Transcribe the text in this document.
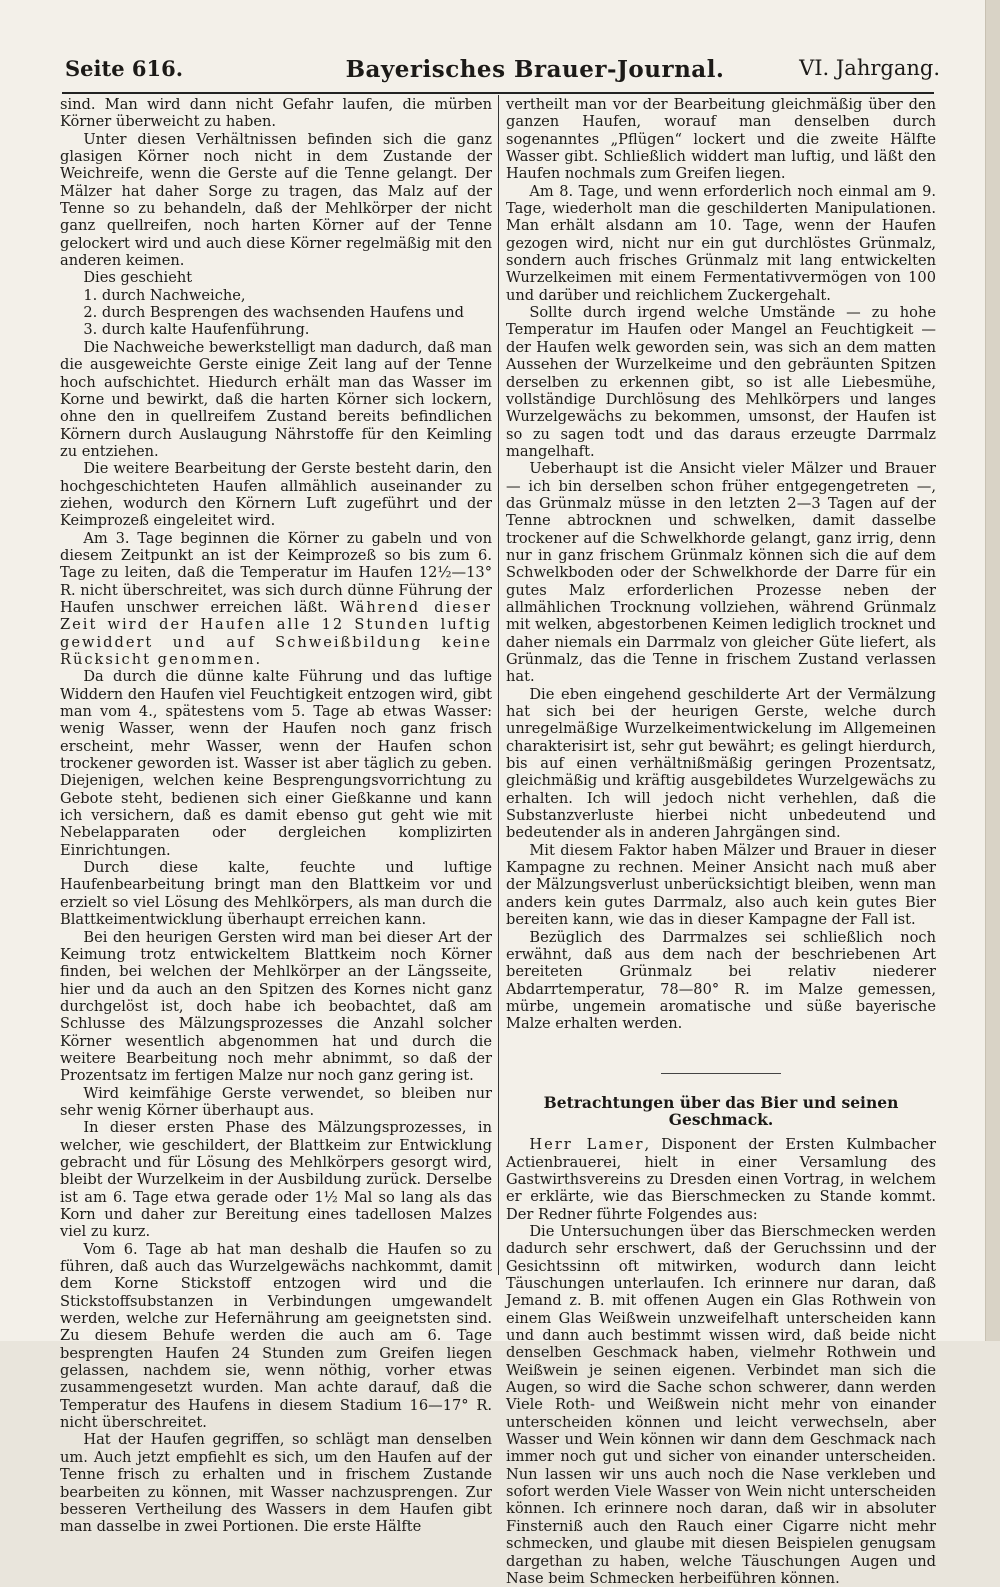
Seite 616.	Bayerisches Brauer-Journal.	VI. Jahrgang.

sind. Man wird dann nicht Gefahr laufen, die mürben Körner überweicht zu haben.

Unter diesen Verhältnissen befinden sich die ganz glasigen Körner noch nicht in dem Zustande der Weichreife, wenn die Gerste auf die Tenne gelangt. Der Mälzer hat daher Sorge zu tragen, das Malz auf der Tenne so zu behandeln, daß der Mehlkörper der nicht ganz quellreifen, noch harten Körner auf der Tenne gelockert wird und auch diese Körner regelmäßig mit den anderen keimen.

Dies geschieht

1. durch Nachweiche,

2. durch Besprengen des wachsenden Haufens und

3. durch kalte Haufenführung.

Die Nachweiche bewerkstelligt man dadurch, daß man die ausgeweichte Gerste einige Zeit lang auf der Tenne hoch aufschichtet. Hiedurch erhält man das Wasser im Korne und bewirkt, daß die harten Körner sich lockern, ohne den in quellreifem Zustand bereits befindlichen Körnern durch Auslaugung Nährstoffe für den Keimling zu entziehen.

Die weitere Bearbeitung der Gerste besteht darin, den hochgeschichteten Haufen allmählich auseinander zu ziehen, wodurch den Körnern Luft zugeführt und der Keimprozeß eingeleitet wird.

Am 3. Tage beginnen die Körner zu gabeln und von diesem Zeitpunkt an ist der Keimprozeß so bis zum 6. Tage zu leiten, daß die Temperatur im Haufen 12½—13° R. nicht überschreitet, was sich durch dünne Führung der Haufen unschwer erreichen läßt. Während dieser Zeit wird der Haufen alle 12 Stunden luftig gewiddert und auf Schweißbildung keine Rücksicht genommen.

Da durch die dünne kalte Führung und das luftige Widdern den Haufen viel Feuchtigkeit entzogen wird, gibt man vom 4., spätestens vom 5. Tage ab etwas Wasser: wenig Wasser, wenn der Haufen noch ganz frisch erscheint, mehr Wasser, wenn der Haufen schon trockener geworden ist. Wasser ist aber täglich zu geben. Diejenigen, welchen keine Besprengungsvorrichtung zu Gebote steht, bedienen sich einer Gießkanne und kann ich versichern, daß es damit ebenso gut geht wie mit Nebelapparaten oder dergleichen komplizirten Einrichtungen.

Durch diese kalte, feuchte und luftige Haufenbearbeitung bringt man den Blattkeim vor und erzielt so viel Lösung des Mehlkörpers, als man durch die Blattkeimentwicklung überhaupt erreichen kann.

Bei den heurigen Gersten wird man bei dieser Art der Keimung trotz entwickeltem Blattkeim noch Körner finden, bei welchen der Mehlkörper an der Längsseite, hier und da auch an den Spitzen des Kornes nicht ganz durchgelöst ist, doch habe ich beobachtet, daß am Schlusse des Mälzungsprozesses die Anzahl solcher Körner wesentlich abgenommen hat und durch die weitere Bearbeitung noch mehr abnimmt, so daß der Prozentsatz im fertigen Malze nur noch ganz gering ist.

Wird keimfähige Gerste verwendet, so bleiben nur sehr wenig Körner überhaupt aus.

In dieser ersten Phase des Mälzungsprozesses, in welcher, wie geschildert, der Blattkeim zur Entwicklung gebracht und für Lösung des Mehlkörpers gesorgt wird, bleibt der Wurzelkeim in der Ausbildung zurück. Derselbe ist am 6. Tage etwa gerade oder 1½ Mal so lang als das Korn und daher zur Bereitung eines tadellosen Malzes viel zu kurz.

Vom 6. Tage ab hat man deshalb die Haufen so zu führen, daß auch das Wurzelgewächs nachkommt, damit dem Korne Stickstoff entzogen wird und die Stickstoffsubstanzen in Verbindungen umgewandelt werden, welche zur Hefernährung am geeignetsten sind. Zu diesem Behufe werden die auch am 6. Tage besprengten Haufen 24 Stunden zum Greifen liegen gelassen, nachdem sie, wenn nöthig, vorher etwas zusammengesetzt wurden. Man achte darauf, daß die Temperatur des Haufens in diesem Stadium 16—17° R. nicht überschreitet.

Hat der Haufen gegriffen, so schlägt man denselben um. Auch jetzt empfiehlt es sich, um den Haufen auf der Tenne frisch zu erhalten und in frischem Zustande bearbeiten zu können, mit Wasser nachzusprengen. Zur besseren Vertheilung des Wassers in dem Haufen gibt man dasselbe in zwei Portionen. Die erste Hälfte

vertheilt man vor der Bearbeitung gleichmäßig über den ganzen Haufen, worauf man denselben durch sogenanntes „Pflügen“ lockert und die zweite Hälfte Wasser gibt. Schließlich widdert man luftig, und läßt den Haufen nochmals zum Greifen liegen.

Am 8. Tage, und wenn erforderlich noch einmal am 9. Tage, wiederholt man die geschilderten Manipulationen. Man erhält alsdann am 10. Tage, wenn der Haufen gezogen wird, nicht nur ein gut durchlöstes Grünmalz, sondern auch frisches Grünmalz mit lang entwickelten Wurzelkeimen mit einem Fermentativvermögen von 100 und darüber und reichlichem Zuckergehalt.

Sollte durch irgend welche Umstände — zu hohe Temperatur im Haufen oder Mangel an Feuchtigkeit — der Haufen welk geworden sein, was sich an dem matten Aussehen der Wurzelkeime und den gebräunten Spitzen derselben zu erkennen gibt, so ist alle Liebesmühe, vollständige Durchlösung des Mehlkörpers und langes Wurzelgewächs zu bekommen, umsonst, der Haufen ist so zu sagen todt und das daraus erzeugte Darrmalz mangelhaft.

Ueberhaupt ist die Ansicht vieler Mälzer und Brauer — ich bin derselben schon früher entgegengetreten —, das Grünmalz müsse in den letzten 2—3 Tagen auf der Tenne abtrocknen und schwelken, damit dasselbe trockener auf die Schwelkhorde gelangt, ganz irrig, denn nur in ganz frischem Grünmalz können sich die auf dem Schwelkboden oder der Schwelkhorde der Darre für ein gutes Malz erforderlichen Prozesse neben der allmählichen Trocknung vollziehen, während Grünmalz mit welken, abgestorbenen Keimen lediglich trocknet und daher niemals ein Darrmalz von gleicher Güte liefert, als Grünmalz, das die Tenne in frischem Zustand verlassen hat.

Die eben eingehend geschilderte Art der Vermälzung hat sich bei der heurigen Gerste, welche durch unregelmäßige Wurzelkeimentwickelung im Allgemeinen charakterisirt ist, sehr gut bewährt; es gelingt hierdurch, bis auf einen verhältnißmäßig geringen Prozentsatz, gleichmäßig und kräftig ausgebildetes Wurzelgewächs zu erhalten. Ich will jedoch nicht verhehlen, daß die Substanzverluste hierbei nicht unbedeutend und bedeutender als in anderen Jahrgängen sind.

Mit diesem Faktor haben Mälzer und Brauer in dieser Kampagne zu rechnen. Meiner Ansicht nach muß aber der Mälzungsverlust unberücksichtigt bleiben, wenn man anders kein gutes Darrmalz, also auch kein gutes Bier bereiten kann, wie das in dieser Kampagne der Fall ist.

Bezüglich des Darrmalzes sei schließlich noch erwähnt, daß aus dem nach der beschriebenen Art bereiteten Grünmalz bei relativ niederer Abdarrtemperatur, 78—80° R. im Malze gemessen, mürbe, ungemein aromatische und süße bayerische Malze erhalten werden.

Betrachtungen über das Bier und seinen Geschmack.

Herr Lamer, Disponent der Ersten Kulmbacher Actienbrauerei, hielt in einer Versamlung des Gastwirthsvereins zu Dresden einen Vortrag, in welchem er erklärte, wie das Bierschmecken zu Stande kommt. Der Redner führte Folgendes aus:

Die Untersuchungen über das Bierschmecken werden dadurch sehr erschwert, daß der Geruchssinn und der Gesichtssinn oft mitwirken, wodurch dann leicht Täuschungen unterlaufen. Ich erinnere nur daran, daß Jemand z. B. mit offenen Augen ein Glas Rothwein von einem Glas Weißwein unzweifelhaft unterscheiden kann und dann auch bestimmt wissen wird, daß beide nicht denselben Geschmack haben, vielmehr Rothwein und Weißwein je seinen eigenen. Verbindet man sich die Augen, so wird die Sache schon schwerer, dann werden Viele Roth- und Weißwein nicht mehr von einander unterscheiden können und leicht verwechseln, aber Wasser und Wein können wir dann dem Geschmack nach immer noch gut und sicher von einander unterscheiden. Nun lassen wir uns auch noch die Nase verkleben und sofort werden Viele Wasser von Wein nicht unterscheiden können. Ich erinnere noch daran, daß wir in absoluter Finsterniß auch den Rauch einer Cigarre nicht mehr schmecken, und glaube mit diesen Beispielen genugsam dargethan zu haben, welche Täuschungen Augen und Nase beim Schmecken herbeiführen können.
